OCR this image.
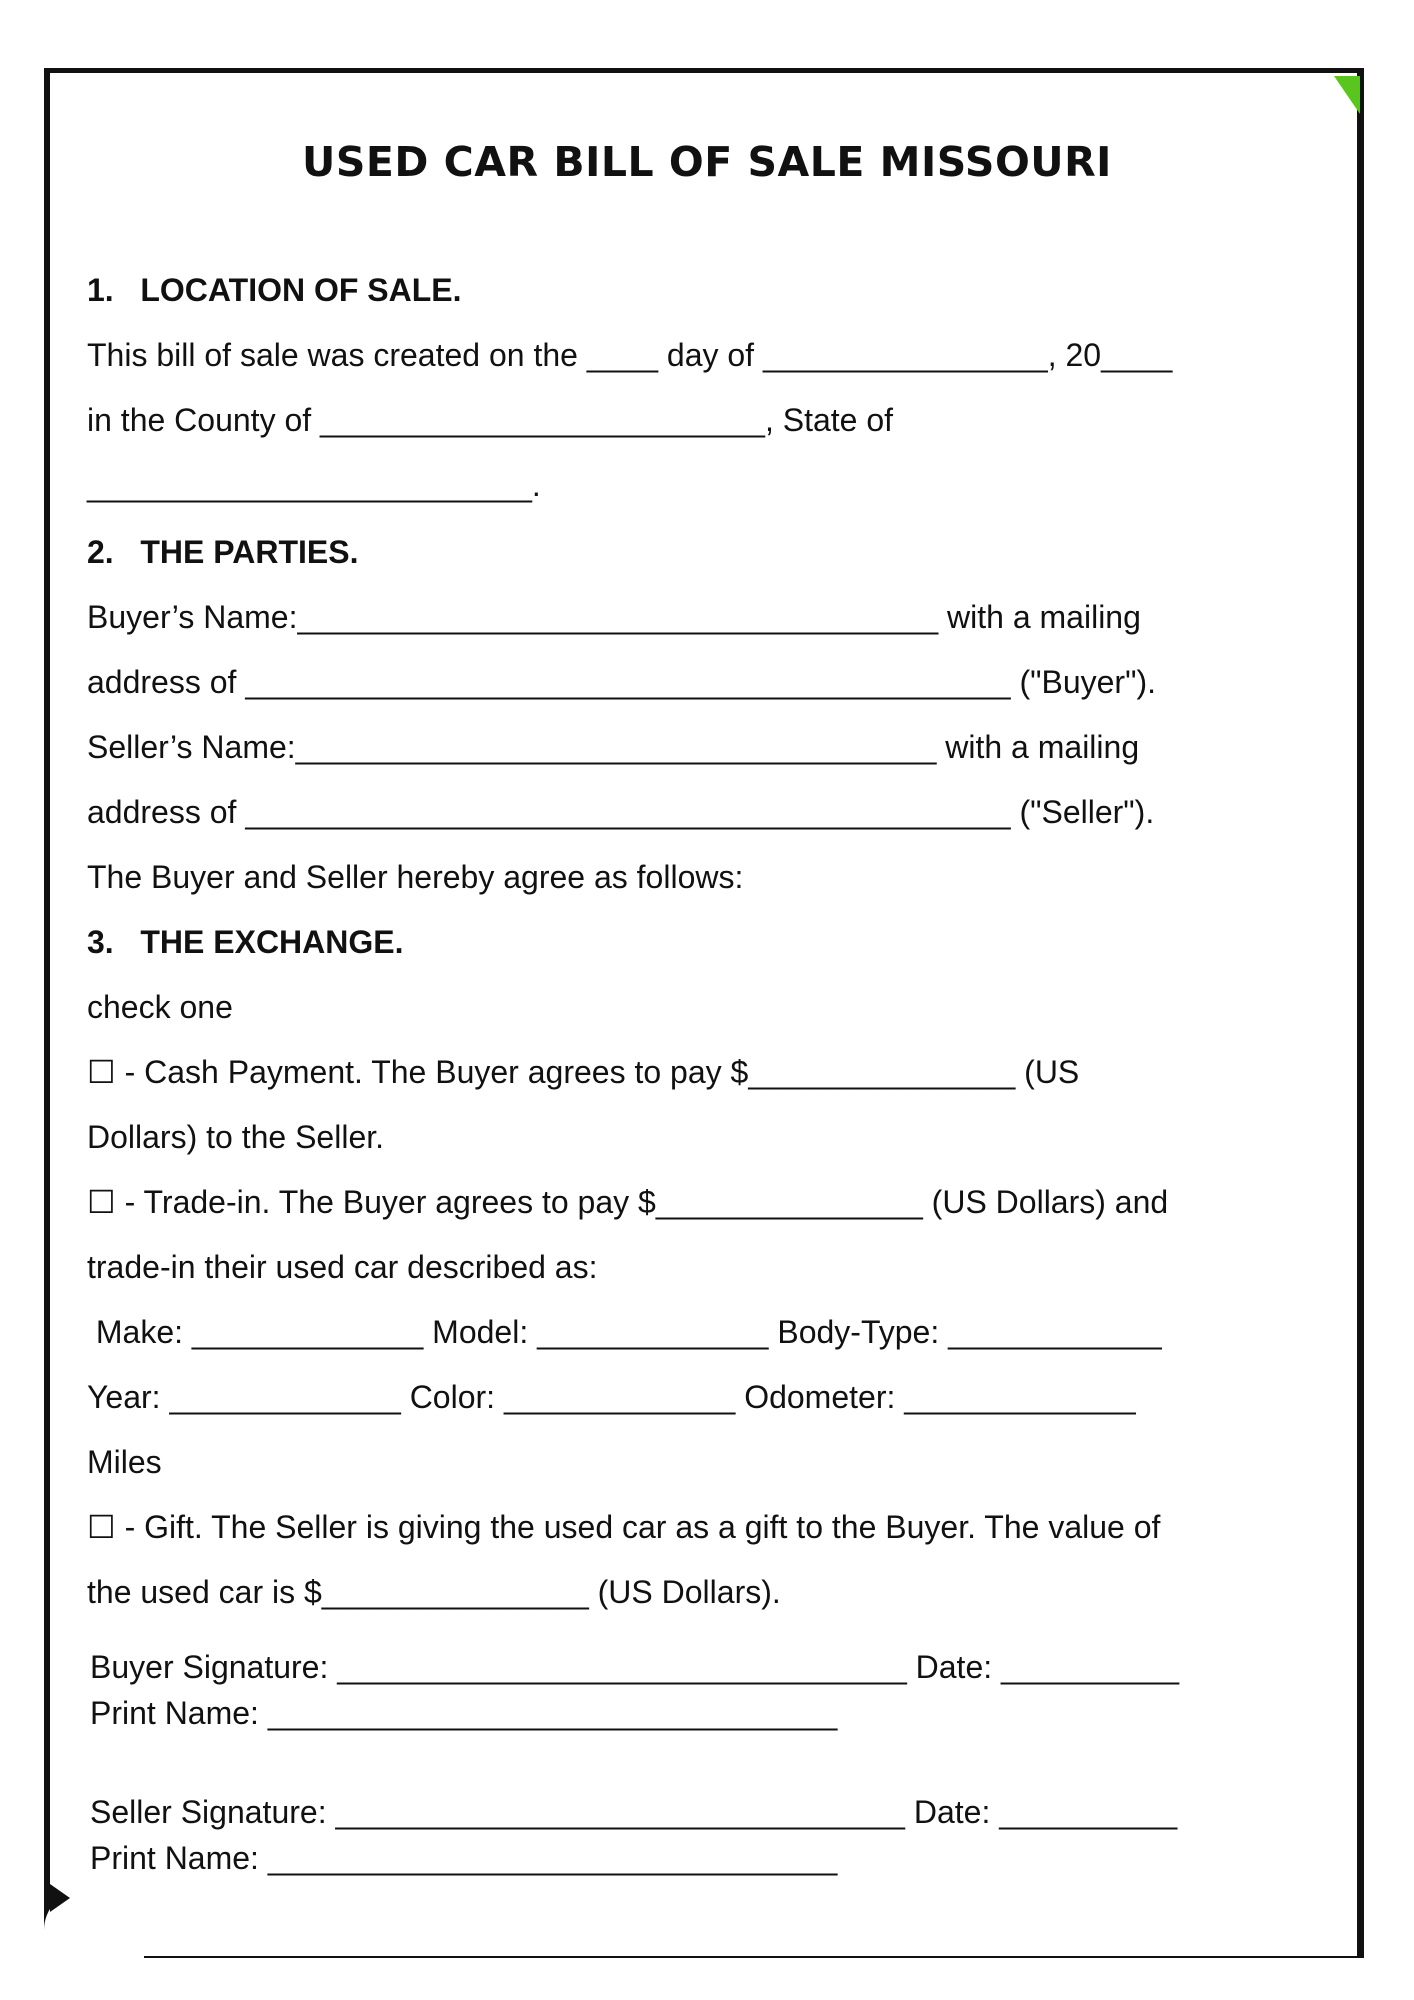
USED CAR BILL OF SALE MISSOURI
1.   LOCATION OF SALE.
This bill of sale was created on the ____ day of ________________, 20____
in the County of _________________________, State of
_________________________.
2.   THE PARTIES.
Buyer’s Name:____________________________________ with a mailing
address of ___________________________________________ ("Buyer").
Seller’s Name:____________________________________ with a mailing
address of ___________________________________________ ("Seller").
The Buyer and Seller hereby agree as follows:
3.   THE EXCHANGE.
check one
☐ - Cash Payment. The Buyer agrees to pay $_______________ (US
Dollars) to the Seller.
☐ - Trade-in. The Buyer agrees to pay $_______________ (US Dollars) and
trade-in their used car described as:
Make: _____________ Model: _____________ Body-Type: ____________
Year: _____________ Color: _____________ Odometer: _____________
Miles
☐ - Gift. The Seller is giving the used car as a gift to the Buyer. The value of
the used car is $_______________ (US Dollars).
Buyer Signature: ________________________________ Date: __________
Print Name: ________________________________
Seller Signature: ________________________________ Date: __________
Print Name: ________________________________
